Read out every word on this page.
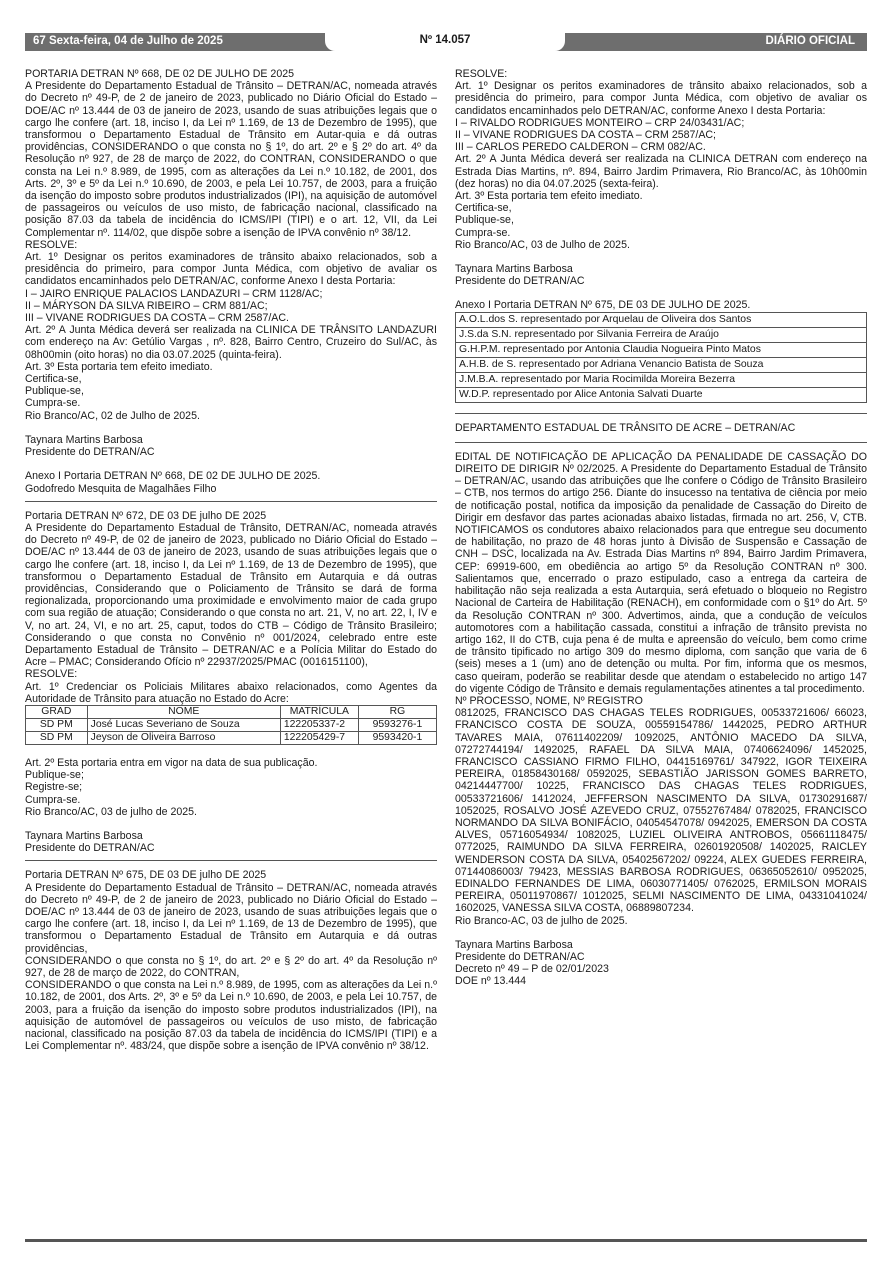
67 Sexta-feira, 04 de Julho de 2025	Nº 14.057	DIÁRIO OFICIAL

PORTARIA DETRAN Nº 668, DE 02 DE JULHO DE 2025

A Presidente do Departamento Estadual de Trânsito – DETRAN/AC, nomeada através do Decreto nº 49-P, de 2 de janeiro de 2023, publicado no Diário Oficial do Estado – DOE/AC nº 13.444 de 03 de janeiro de 2023, usando de suas atribuições legais que o cargo lhe confere (art. 18, inciso I, da Lei nº 1.169, de 13 de Dezembro de 1995), que transformou o Departamento Estadual de Trânsito em Autar-quia e dá outras providências, CONSIDERANDO o que consta no § 1º, do art. 2º e § 2º do art. 4º da Resolução nº 927, de 28 de março de 2022, do CONTRAN, CONSIDERANDO o que consta na Lei n.º 8.989, de 1995, com as alterações da Lei n.º 10.182, de 2001, dos Arts. 2º, 3º e 5º da Lei n.º 10.690, de 2003, e pela Lei 10.757, de 2003, para a fruição da isenção do imposto sobre produtos industrializados (IPI), na aquisição de automóvel de passageiros ou veículos de uso misto, de fabricação nacional, classificado na posição 87.03 da tabela de incidência do ICMS/IPI (TIPI) e o art. 12, VII, da Lei Complementar nº. 114/02, que dispõe sobre a isenção de IPVA convênio nº 38/12.

RESOLVE:

Art. 1º Designar os peritos examinadores de trânsito abaixo relacionados, sob a presidência do primeiro, para compor Junta Médica, com objetivo de avaliar os candidatos encaminhados pelo DETRAN/AC, conforme Anexo I desta Portaria:

I – JAIRO ENRIQUE PALACIOS LANDAZURI – CRM 1128/AC;

II – MÁRYSON DA SILVA RIBEIRO – CRM 881/AC;

III – VIVANE RODRIGUES DA COSTA – CRM 2587/AC.

Art. 2º A Junta Médica deverá ser realizada na CLINICA DE TRÂNSITO LANDAZURI com endereço na Av: Getúlio Vargas , nº. 828, Bairro Centro, Cruzeiro do Sul/AC, às 08h00min (oito horas) no dia 03.07.2025 (quinta-feira).

Art. 3º Esta portaria tem efeito imediato.

Certifica-se,

Publique-se,

Cumpra-se.

Rio Branco/AC, 02 de Julho de 2025.

Taynara Martins Barbosa

Presidente do DETRAN/AC

Anexo I Portaria DETRAN Nº 668, DE 02 DE JULHO DE 2025.

Godofredo Mesquita de Magalhães Filho

Portaria DETRAN Nº 672, DE 03 DE julho DE 2025

A Presidente do Departamento Estadual de Trânsito, DETRAN/AC, nomeada através do Decreto nº 49-P, de 02 de janeiro de 2023, publicado no Diário Oficial do Estado – DOE/AC nº 13.444 de 03 de janeiro de 2023, usando de suas atribuições legais que o cargo lhe confere (art. 18, inciso I, da Lei nº 1.169, de 13 de Dezembro de 1995), que transformou o Departamento Estadual de Trânsito em Autarquia e dá outras providências, Considerando que o Policiamento de Trânsito se dará de forma regionalizada, proporcionando uma proximidade e envolvimento maior de cada grupo com sua região de atuação; Considerando o que consta no art. 21, V, no art. 22, I, IV e V, no art. 24, VI, e no art. 25, caput, todos do CTB – Código de Trânsito Brasileiro; Considerando o que consta no Convênio nº 001/2024, celebrado entre este Departamento Estadual de Trânsito – DETRAN/AC e a Polícia Militar do Estado do Acre – PMAC; Considerando Ofício nº 22937/2025/PMAC (0016151100),

RESOLVE:

Art. 1º Credenciar os Policiais Militares abaixo relacionados, como Agentes da Autoridade de Trânsito para atuação no Estado do Acre:

GRAD	NOME	MATRÍCULA	RG
SD PM	José Lucas Severiano de Souza	122205337-2	9593276-1
SD PM	Jeyson de Oliveira Barroso	122205429-7	9593420-1

Art. 2º Esta portaria entra em vigor na data de sua publicação.

Publique-se;

Registre-se;

Cumpra-se.

Rio Branco/AC, 03 de julho de 2025.

Taynara Martins Barbosa

Presidente do DETRAN/AC

Portaria DETRAN Nº 675, DE 03 DE julho DE 2025

A Presidente do Departamento Estadual de Trânsito – DETRAN/AC, nomeada através do Decreto nº 49-P, de 2 de janeiro de 2023, publicado no Diário Oficial do Estado – DOE/AC nº 13.444 de 03 de janeiro de 2023, usando de suas atribuições legais que o cargo lhe confere (art. 18, inciso I, da Lei nº 1.169, de 13 de Dezembro de 1995), que transformou o Departamento Estadual de Trânsito em Autarquia e dá outras providências,

CONSIDERANDO o que consta no § 1º, do art. 2º e § 2º do art. 4º da Resolução nº 927, de 28 de março de 2022, do CONTRAN,

CONSIDERANDO o que consta na Lei n.º 8.989, de 1995, com as alterações da Lei n.º 10.182, de 2001, dos Arts. 2º, 3º e 5º da Lei n.º 10.690, de 2003, e pela Lei 10.757, de 2003, para a fruição da isenção do imposto sobre produtos industrializados (IPI), na aquisição de automóvel de passageiros ou veículos de uso misto, de fabricação nacional, classificado na posição 87.03 da tabela de incidência do ICMS/IPI (TIPI) e a Lei Complementar nº. 483/24, que dispõe sobre a isenção de IPVA convênio nº 38/12.

RESOLVE:

Art. 1º Designar os peritos examinadores de trânsito abaixo relacionados, sob a presidência do primeiro, para compor Junta Médica, com objetivo de avaliar os candidatos encaminhados pelo DETRAN/AC, conforme Anexo I desta Portaria:

I – RIVALDO RODRIGUES MONTEIRO – CRP 24/03431/AC;

II – VIVANE RODRIGUES DA COSTA – CRM 2587/AC;

III – CARLOS PEREDO CALDERON – CRM 082/AC.

Art. 2º A Junta Médica deverá ser realizada na CLINICA DETRAN com endereço na Estrada Dias Martins, nº. 894, Bairro Jardim Primavera, Rio Branco/AC, às 10h00min (dez horas) no dia 04.07.2025 (sexta-feira).

Art. 3º Esta portaria tem efeito imediato.

Certifica-se,

Publique-se,

Cumpra-se.

Rio Branco/AC, 03 de Julho de 2025.

Taynara Martins Barbosa

Presidente do DETRAN/AC

Anexo I Portaria DETRAN Nº 675, DE 03 DE JULHO DE 2025.

A.O.L.dos S. representado por Arquelau de Oliveira dos Santos
J.S.da S.N. representado por Silvania Ferreira de Araújo
G.H.P.M. representado por Antonia Claudia Nogueira Pinto Matos
A.H.B. de S. representado por Adriana Venancio Batista de Souza
J.M.B.A. representado por Maria Rocimilda Moreira Bezerra
W.D.P. representado por Alice Antonia Salvati Duarte

DEPARTAMENTO ESTADUAL DE TRÂNSITO DE ACRE – DETRAN/AC

EDITAL DE NOTIFICAÇÃO DE APLICAÇÃO DA PENALIDADE DE CASSAÇÃO DO DIREITO DE DIRIGIR Nº 02/2025. A Presidente do Departamento Estadual de Trânsito – DETRAN/AC, usando das atribuições que lhe confere o Código de Trânsito Brasileiro – CTB, nos termos do artigo 256. Diante do insucesso na tentativa de ciência por meio de notificação postal, notifica da imposição da penalidade de Cassação do Direito de Dirigir em desfavor das partes acionadas abaixo listadas, firmada no art. 256, V, CTB. NOTIFICAMOS os condutores abaixo relacionados para que entregue seu documento de habilitação, no prazo de 48 horas junto à Divisão de Suspensão e Cassação de CNH – DSC, localizada na Av. Estrada Dias Martins nº 894, Bairro Jardim Primavera, CEP: 69919-600, em obediência ao artigo 5º da Resolução CONTRAN nº 300. Salientamos que, encerrado o prazo estipulado, caso a entrega da carteira de habilitação não seja realizada a esta Autarquia, será efetuado o bloqueio no Registro Nacional de Carteira de Habilitação (RENACH), em conformidade com o §1º do Art. 5º da Resolução CONTRAN nº 300. Advertimos, ainda, que a condução de veículos automotores com a habilitação cassada, constitui a infração de trânsito prevista no artigo 162, II do CTB, cuja pena é de multa e apreensão do veículo, bem como crime de trânsito tipificado no artigo 309 do mesmo diploma, com sanção que varia de 6 (seis) meses a 1 (um) ano de detenção ou multa. Por fim, informa que os mesmos, caso queiram, poderão se reabilitar desde que atendam o estabelecido no artigo 147 do vigente Código de Trânsito e demais regulamentações atinentes a tal procedimento.

Nº PROCESSO, NOME, Nº REGISTRO

0812025, FRANCISCO DAS CHAGAS TELES RODRIGUES, 00533721606/ 66023, FRANCISCO COSTA DE SOUZA, 00559154786/ 1442025, PEDRO ARTHUR TAVARES MAIA, 07611402209/ 1092025, ANTÔNIO MACEDO DA SILVA, 07272744194/ 1492025, RAFAEL DA SILVA MAIA, 07406624096/ 1452025, FRANCISCO CASSIANO FIRMO FILHO, 04415169761/ 347922, IGOR TEIXEIRA PEREIRA, 01858430168/ 0592025, SEBASTIÃO JARISSON GOMES BARRETO, 04214447700/ 10225, FRANCISCO DAS CHAGAS TELES RODRIGUES, 00533721606/ 1412024, JEFFERSON NASCIMENTO DA SILVA, 01730291687/ 1052025, ROSALVO JOSÉ AZEVEDO CRUZ, 07552767484/ 0782025, FRANCISCO NORMANDO DA SILVA BONIFÁCIO, 04054547078/ 0942025, EMERSON DA COSTA ALVES, 05716054934/ 1082025, LUZIEL OLIVEIRA ANTROBOS, 05661118475/ 0772025, RAIMUNDO DA SILVA FERREIRA, 02601920508/ 1402025, RAICLEY WENDERSON COSTA DA SILVA, 05402567202/ 09224, ALEX GUEDES FERREIRA, 07144086003/ 79423, MESSIAS BARBOSA RODRIGUES, 06365052610/ 0952025, EDINALDO FERNANDES DE LIMA, 06030771405/ 0762025, ERMILSON MORAIS PEREIRA, 05011970867/ 1012025, SELMI NASCIMENTO DE LIMA, 04331041024/ 1602025, VANESSA SILVA COSTA, 06889807234.

Rio Branco-AC, 03 de julho de 2025.

Taynara Martins Barbosa

Presidente do DETRAN/AC

Decreto nº 49 – P de 02/01/2023

DOE nº 13.444
